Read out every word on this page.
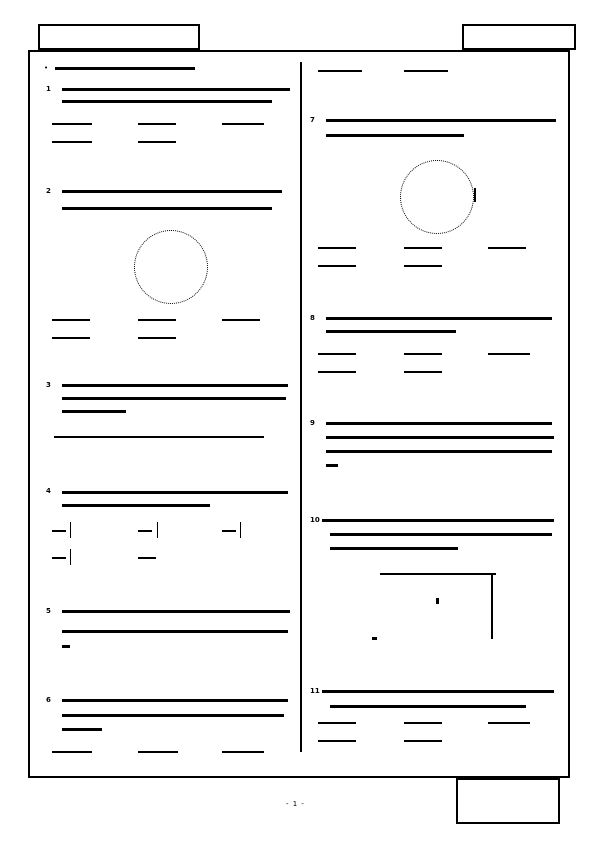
•
1
2
3
4
5
6
7
8
9
10
11
- 1 -
